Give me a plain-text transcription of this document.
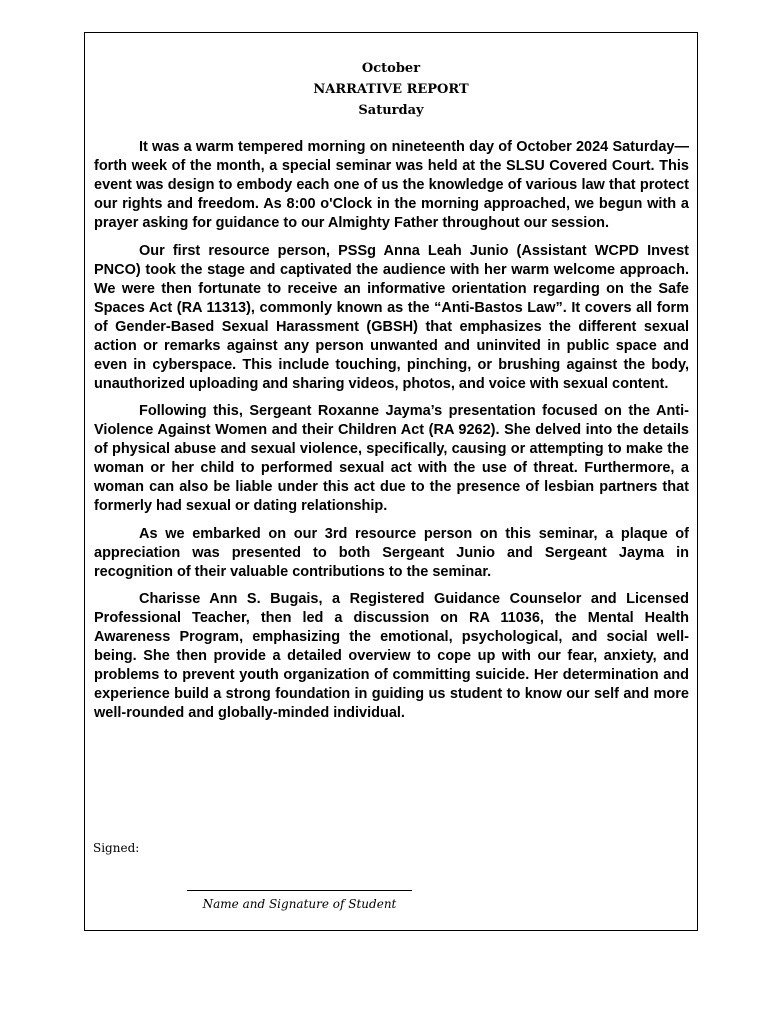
October
NARRATIVE REPORT
Saturday

It was a warm tempered morning on nineteenth day of October 2024 Saturday—forth week of the month, a special seminar was held at the SLSU Covered Court. This event was design to embody each one of us the knowledge of various law that protect our rights and freedom. As 8:00 o'Clock in the morning approached, we begun with a prayer asking for guidance to our Almighty Father throughout our session.

Our first resource person, PSSg Anna Leah Junio (Assistant WCPD Invest PNCO) took the stage and captivated the audience with her warm welcome approach. We were then fortunate to receive an informative orientation regarding on the Safe Spaces Act (RA 11313), commonly known as the “Anti-Bastos Law”. It covers all form of Gender-Based Sexual Harassment (GBSH) that emphasizes the different sexual action or remarks against any person unwanted and uninvited in public space and even in cyberspace. This include touching, pinching, or brushing against the body, unauthorized uploading and sharing videos, photos, and voice with sexual content.

Following this, Sergeant Roxanne Jayma’s presentation focused on the Anti-Violence Against Women and their Children Act (RA 9262). She delved into the details of physical abuse and sexual violence, specifically, causing or attempting to make the woman or her child to performed sexual act with the use of threat. Furthermore, a woman can also be liable under this act due to the presence of lesbian partners that formerly had sexual or dating relationship.

As we embarked on our 3rd resource person on this seminar, a plaque of appreciation was presented to both Sergeant Junio and Sergeant Jayma in recognition of their valuable contributions to the seminar.

Charisse Ann S. Bugais, a Registered Guidance Counselor and Licensed Professional Teacher, then led a discussion on RA 11036, the Mental Health Awareness Program, emphasizing the emotional, psychological, and social well-being. She then provide a detailed overview to cope up with our fear, anxiety, and problems to prevent youth organization of committing suicide. Her determination and experience build a strong foundation in guiding us student to know our self and more well-rounded and globally-minded individual.

Signed:
Name and Signature of Student
